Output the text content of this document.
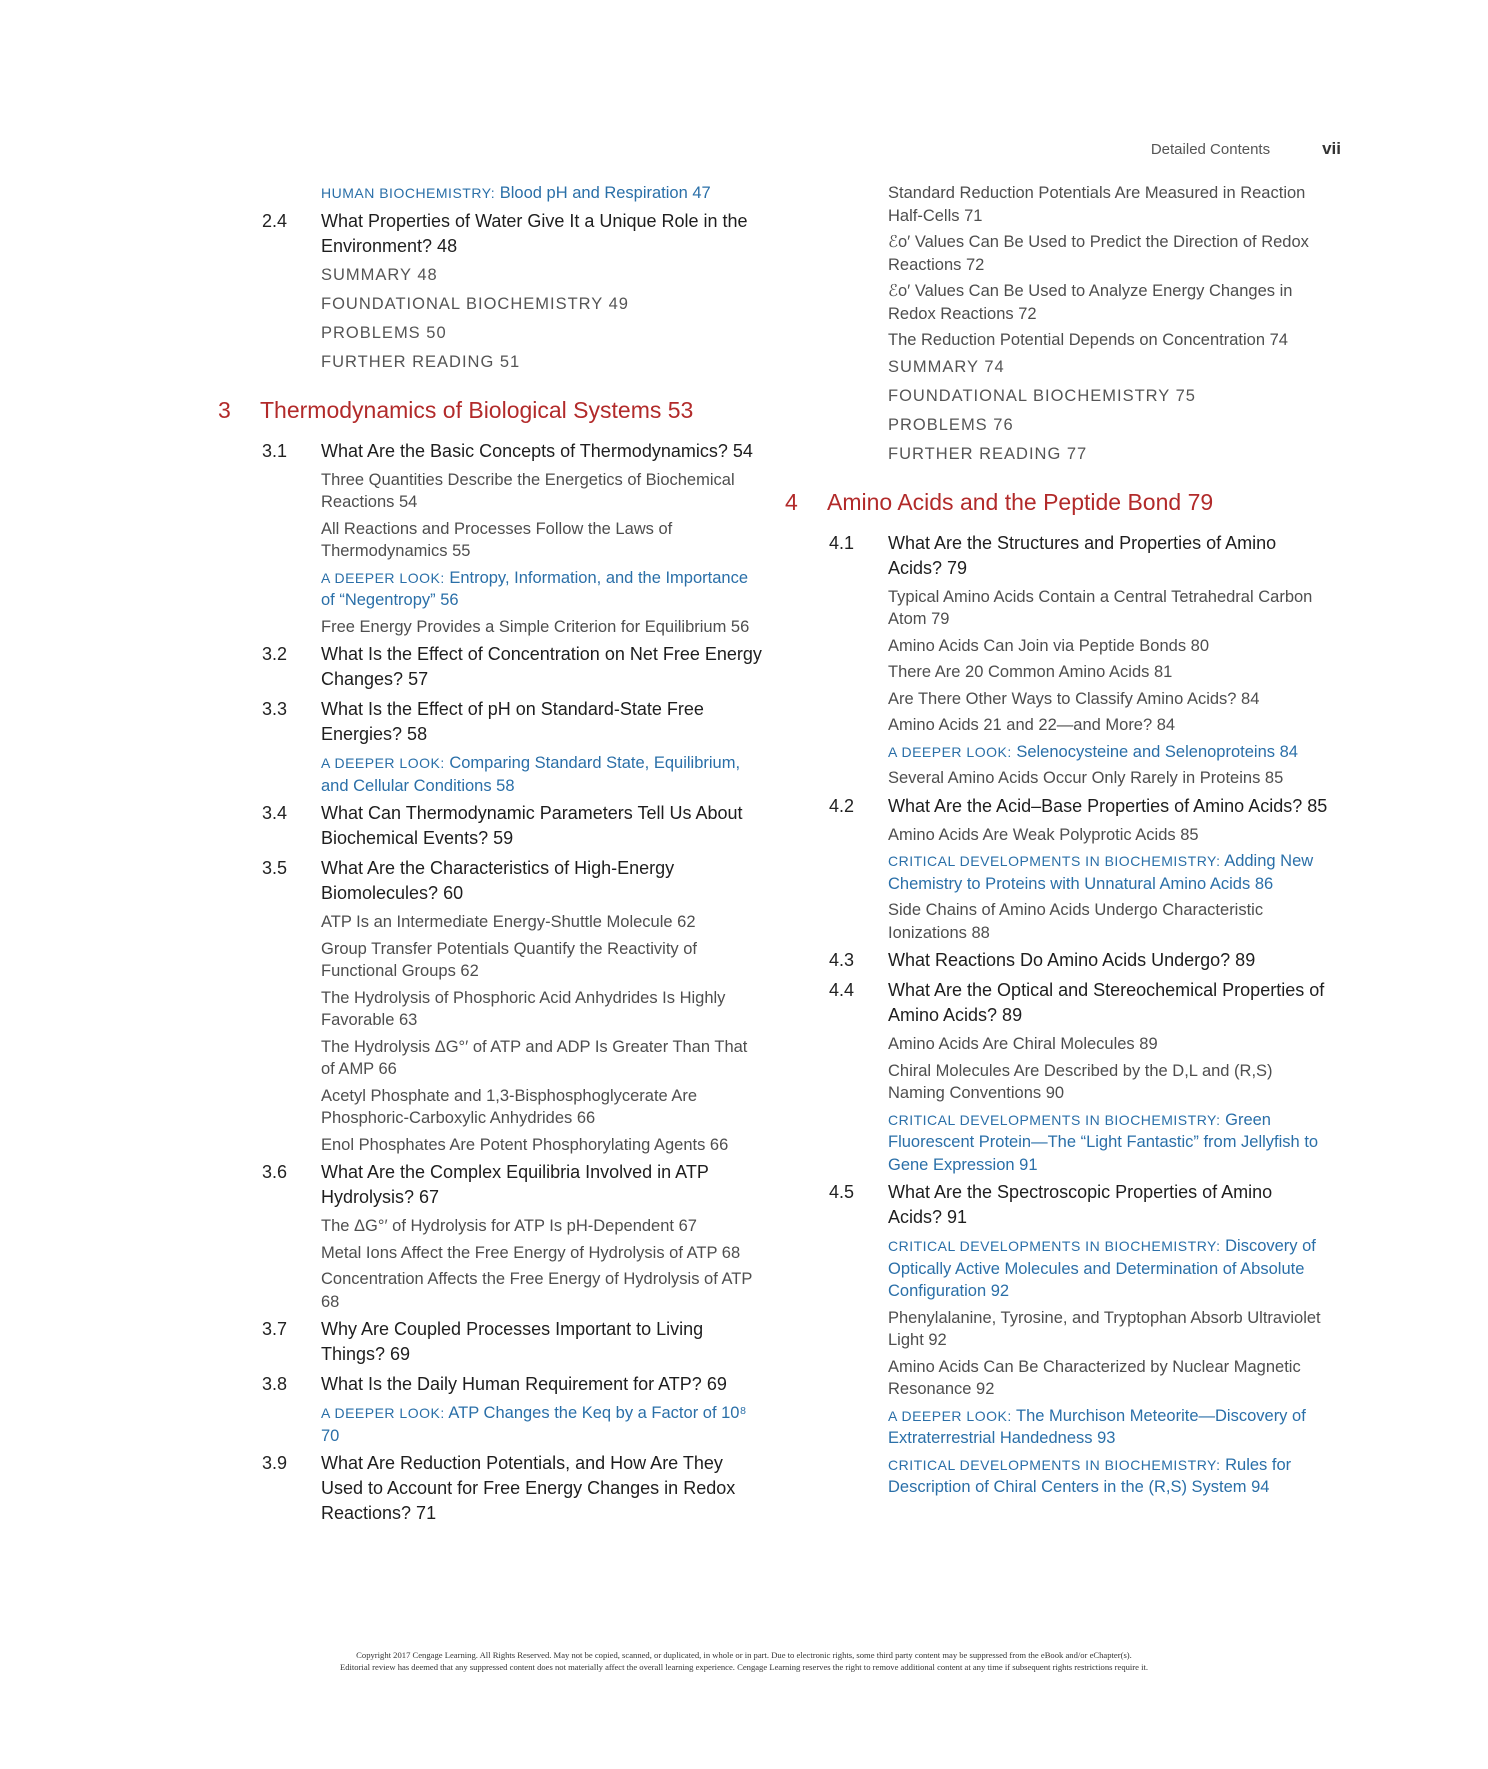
Detailed Contents	vii
HUMAN BIOCHEMISTRY: Blood pH and Respiration 47
2.4 What Properties of Water Give It a Unique Role in the Environment? 48
SUMMARY 48
FOUNDATIONAL BIOCHEMISTRY 49
PROBLEMS 50
FURTHER READING 51
3 Thermodynamics of Biological Systems 53
3.1 What Are the Basic Concepts of Thermodynamics? 54
Three Quantities Describe the Energetics of Biochemical Reactions 54
All Reactions and Processes Follow the Laws of Thermodynamics 55
A DEEPER LOOK: Entropy, Information, and the Importance of “Negentropy” 56
Free Energy Provides a Simple Criterion for Equilibrium 56
3.2 What Is the Effect of Concentration on Net Free Energy Changes? 57
3.3 What Is the Effect of pH on Standard-State Free Energies? 58
A DEEPER LOOK: Comparing Standard State, Equilibrium, and Cellular Conditions 58
3.4 What Can Thermodynamic Parameters Tell Us About Biochemical Events? 59
3.5 What Are the Characteristics of High-Energy Biomolecules? 60
ATP Is an Intermediate Energy-Shuttle Molecule 62
Group Transfer Potentials Quantify the Reactivity of Functional Groups 62
The Hydrolysis of Phosphoric Acid Anhydrides Is Highly Favorable 63
The Hydrolysis ΔG°′ of ATP and ADP Is Greater Than That of AMP 66
Acetyl Phosphate and 1,3-Bisphosphoglycerate Are Phosphoric-Carboxylic Anhydrides 66
Enol Phosphates Are Potent Phosphorylating Agents 66
3.6 What Are the Complex Equilibria Involved in ATP Hydrolysis? 67
The ΔG°′ of Hydrolysis for ATP Is pH-Dependent 67
Metal Ions Affect the Free Energy of Hydrolysis of ATP 68
Concentration Affects the Free Energy of Hydrolysis of ATP 68
3.7 Why Are Coupled Processes Important to Living Things? 69
3.8 What Is the Daily Human Requirement for ATP? 69
A DEEPER LOOK: ATP Changes the Keq by a Factor of 10⁸ 70
3.9 What Are Reduction Potentials, and How Are They Used to Account for Free Energy Changes in Redox Reactions? 71
Standard Reduction Potentials Are Measured in Reaction Half-Cells 71
ℰo′ Values Can Be Used to Predict the Direction of Redox Reactions 72
ℰo′ Values Can Be Used to Analyze Energy Changes in Redox Reactions 72
The Reduction Potential Depends on Concentration 74
SUMMARY 74
FOUNDATIONAL BIOCHEMISTRY 75
PROBLEMS 76
FURTHER READING 77
4 Amino Acids and the Peptide Bond 79
4.1 What Are the Structures and Properties of Amino Acids? 79
Typical Amino Acids Contain a Central Tetrahedral Carbon Atom 79
Amino Acids Can Join via Peptide Bonds 80
There Are 20 Common Amino Acids 81
Are There Other Ways to Classify Amino Acids? 84
Amino Acids 21 and 22—and More? 84
A DEEPER LOOK: Selenocysteine and Selenoproteins 84
Several Amino Acids Occur Only Rarely in Proteins 85
4.2 What Are the Acid–Base Properties of Amino Acids? 85
Amino Acids Are Weak Polyprotic Acids 85
CRITICAL DEVELOPMENTS IN BIOCHEMISTRY: Adding New Chemistry to Proteins with Unnatural Amino Acids 86
Side Chains of Amino Acids Undergo Characteristic Ionizations 88
4.3 What Reactions Do Amino Acids Undergo? 89
4.4 What Are the Optical and Stereochemical Properties of Amino Acids? 89
Amino Acids Are Chiral Molecules 89
Chiral Molecules Are Described by the D,L and (R,S) Naming Conventions 90
CRITICAL DEVELOPMENTS IN BIOCHEMISTRY: Green Fluorescent Protein—The “Light Fantastic” from Jellyfish to Gene Expression 91
4.5 What Are the Spectroscopic Properties of Amino Acids? 91
CRITICAL DEVELOPMENTS IN BIOCHEMISTRY: Discovery of Optically Active Molecules and Determination of Absolute Configuration 92
Phenylalanine, Tyrosine, and Tryptophan Absorb Ultraviolet Light 92
Amino Acids Can Be Characterized by Nuclear Magnetic Resonance 92
A DEEPER LOOK: The Murchison Meteorite—Discovery of Extraterrestrial Handedness 93
CRITICAL DEVELOPMENTS IN BIOCHEMISTRY: Rules for Description of Chiral Centers in the (R,S) System 94
Copyright 2017 Cengage Learning. All Rights Reserved. May not be copied, scanned, or duplicated, in whole or in part. Due to electronic rights, some third party content may be suppressed from the eBook and/or eChapter(s).
Editorial review has deemed that any suppressed content does not materially affect the overall learning experience. Cengage Learning reserves the right to remove additional content at any time if subsequent rights restrictions require it.
